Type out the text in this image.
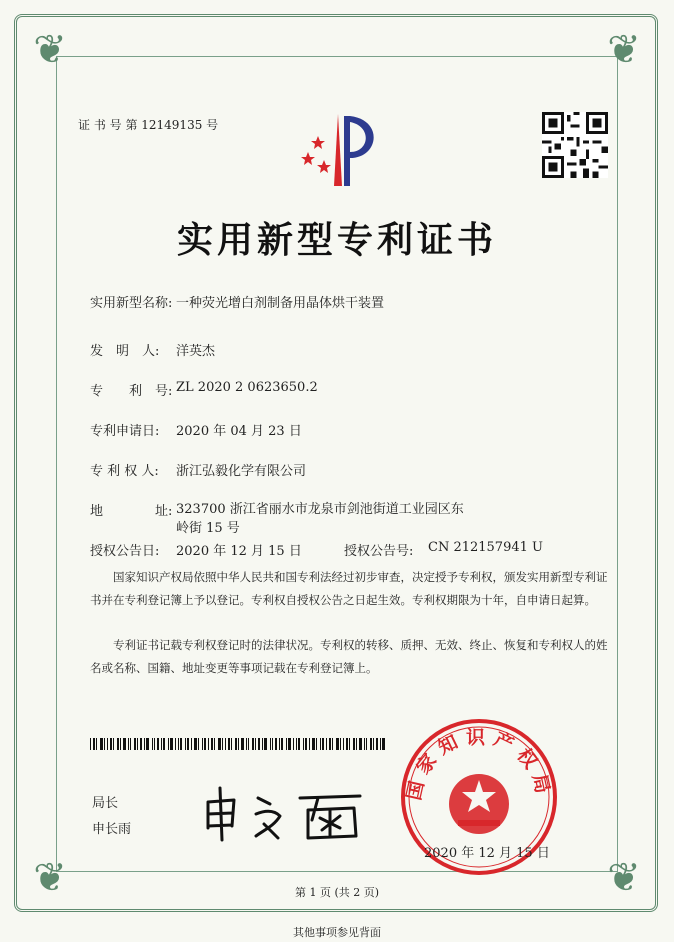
❦	❦
❦	❦
证 书 号 第 12149135 号
实用新型专利证书
实用新型名称: 一种荧光增白剂制备用晶体烘干装置
发　明　人:	洋英杰
专　　利　号: ZL 2020 2 0623650.2
专利申请日:	2020 年 04 月 23 日
专 利 权 人:	浙江弘毅化学有限公司
地　　　　址: 323700 浙江省丽水市龙泉市剑池街道工业园区东岭街 15 号
授权公告日:	2020 年 12 月 15 日	授权公告号:	CN 212157941 U
国家知识产权局依照中华人民共和国专利法经过初步审查，决定授予专利权，颁发实用新型专利证书并在专利登记簿上予以登记。专利权自授权公告之日起生效。专利权期限为十年，自申请日起算。
专利证书记载专利权登记时的法律状况。专利权的转移、质押、无效、终止、恢复和专利权人的姓名或名称、国籍、地址变更等事项记载在专利登记簿上。
局长
申长雨
国家知识产权局
2020 年 12 月 15 日
第 1 页 (共 2 页)
其他事项参见背面
